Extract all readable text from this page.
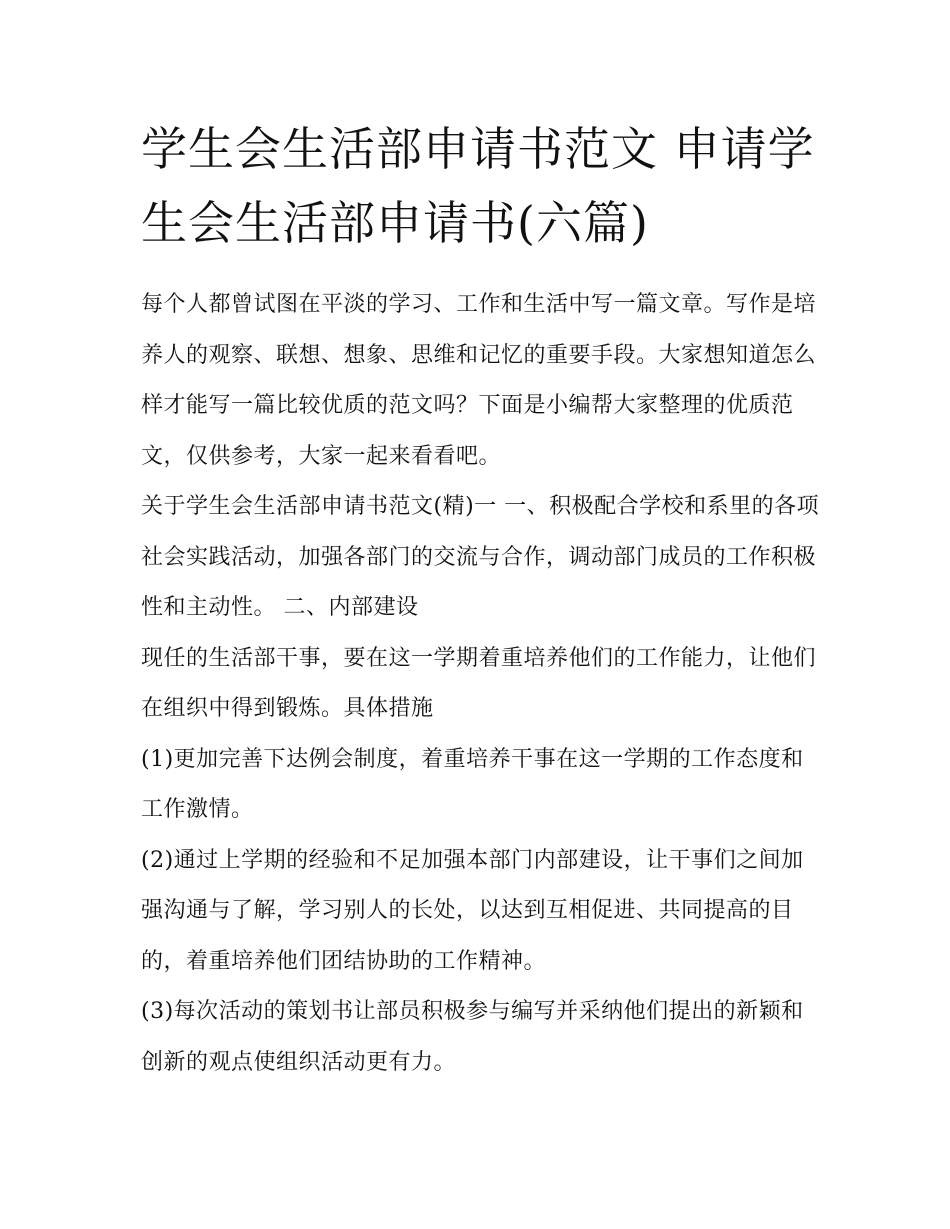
学生会生活部申请书范文 申请学生会生活部申请书(六篇)

每个人都曾试图在平淡的学习、工作和生活中写一篇文章。写作是培养人的观察、联想、想象、思维和记忆的重要手段。大家想知道怎么样才能写一篇比较优质的范文吗？下面是小编帮大家整理的优质范文，仅供参考，大家一起来看看吧。

关于学生会生活部申请书范文(精)一 一、积极配合学校和系里的各项社会实践活动，加强各部门的交流与合作，调动部门成员的工作积极性和主动性。 二、内部建设

现任的生活部干事，要在这一学期着重培养他们的工作能力，让他们在组织中得到锻炼。具体措施

(1)更加完善下达例会制度，着重培养干事在这一学期的工作态度和工作激情。

(2)通过上学期的经验和不足加强本部门内部建设，让干事们之间加强沟通与了解，学习别人的长处，以达到互相促进、共同提高的目的，着重培养他们团结协助的工作精神。

(3)每次活动的策划书让部员积极参与编写并采纳他们提出的新颖和创新的观点使组织活动更有力。
